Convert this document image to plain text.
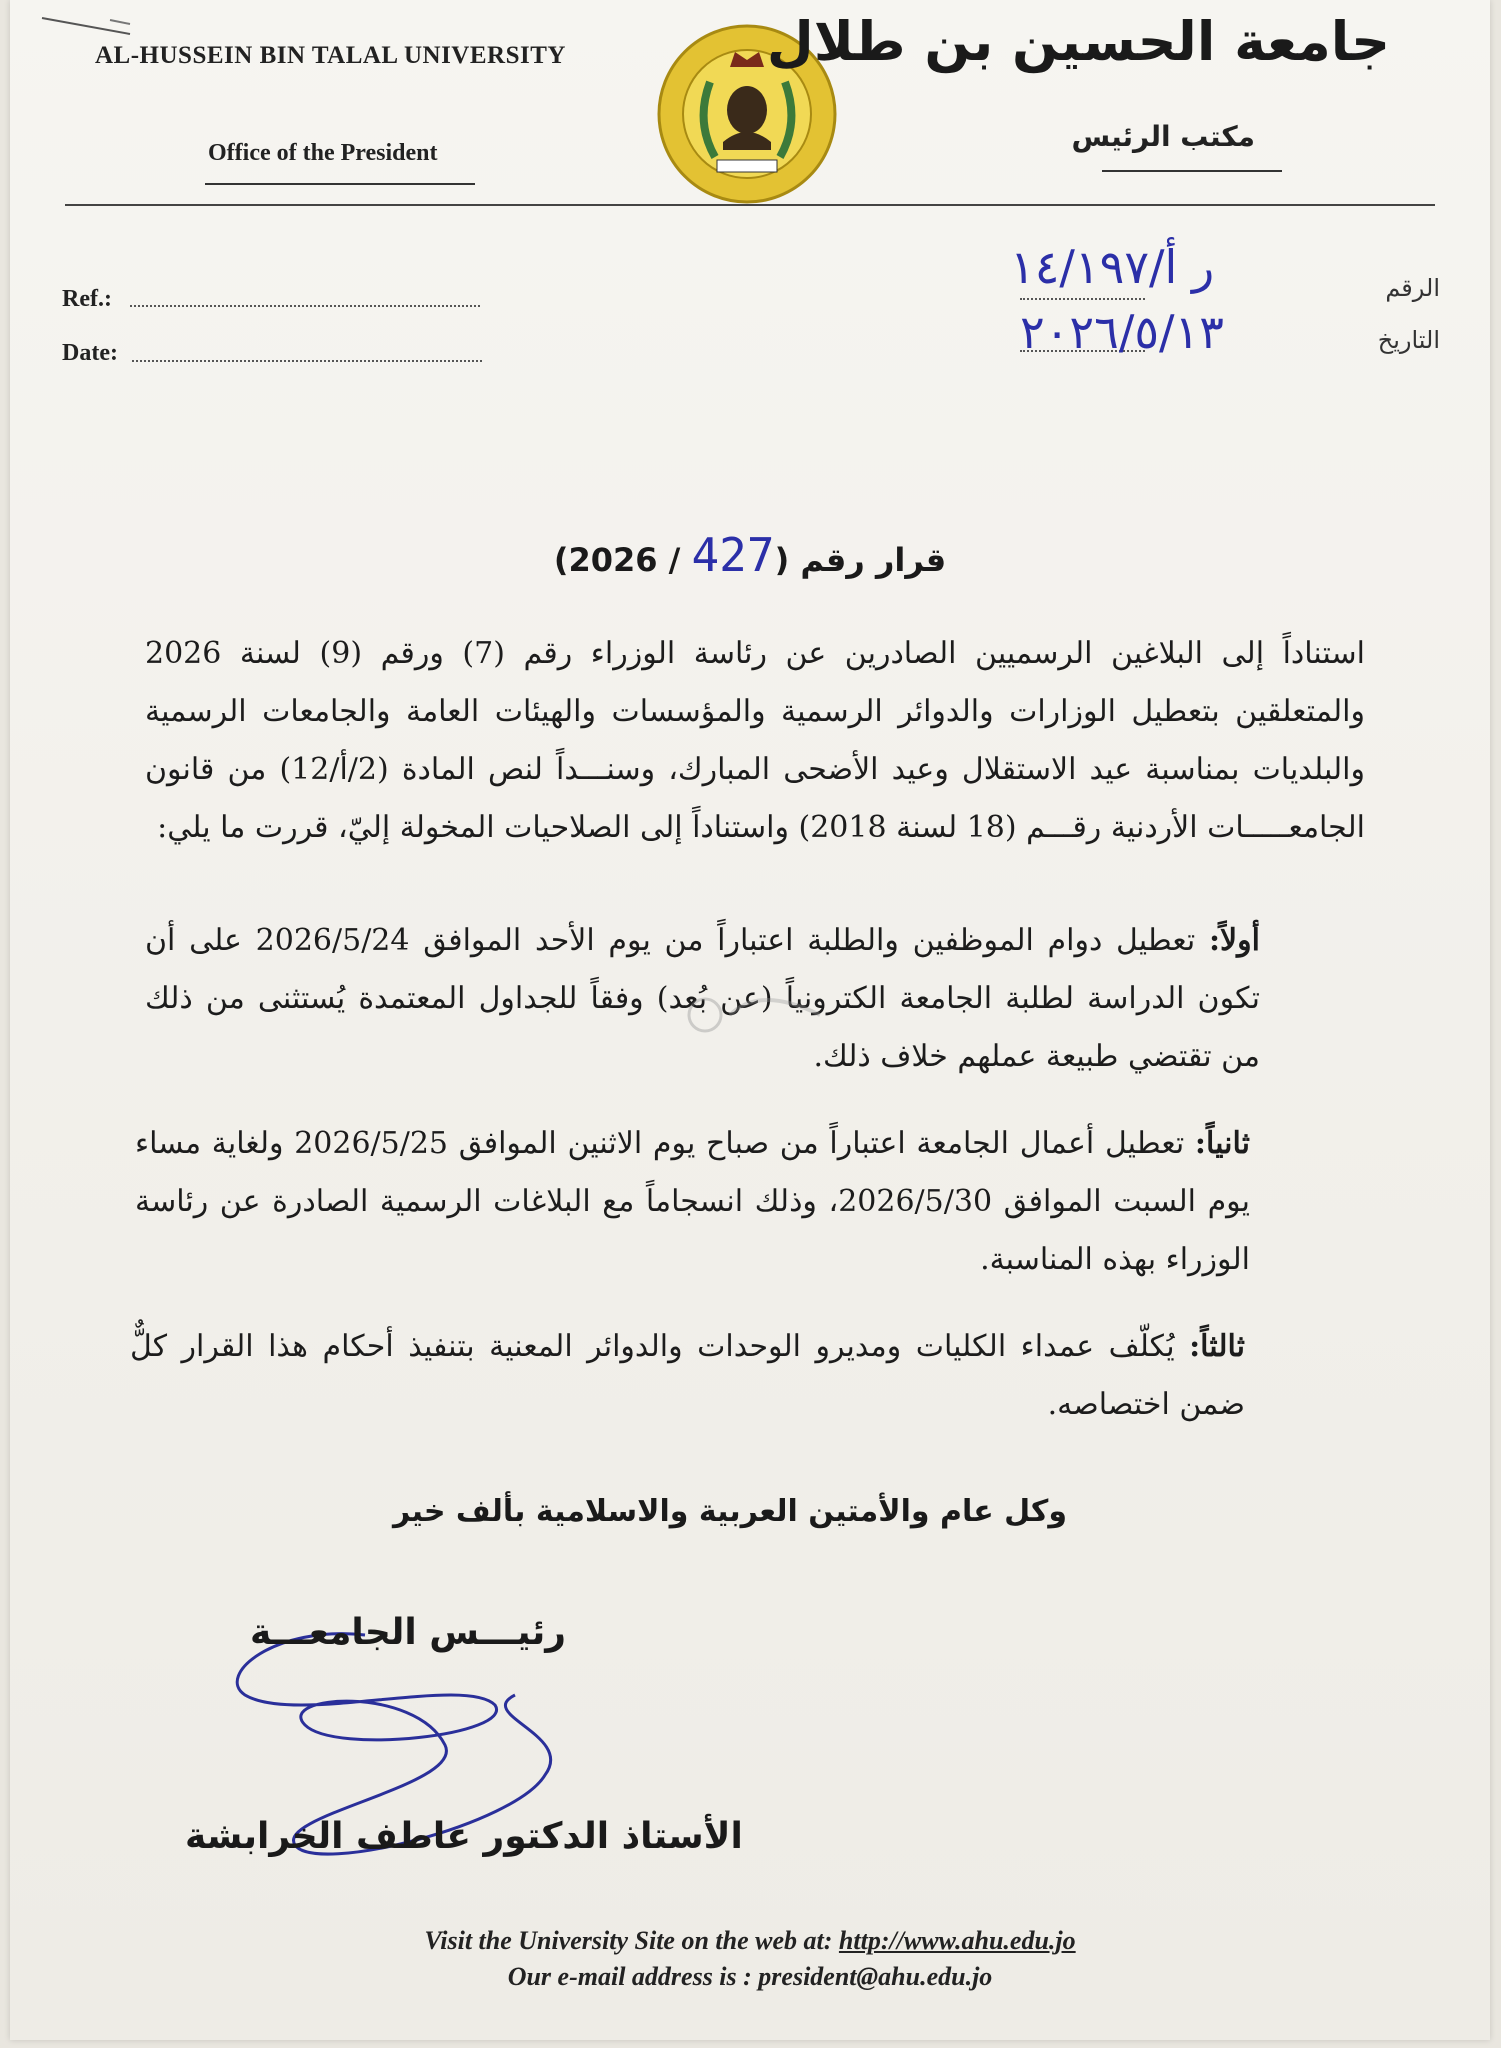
AL-HUSSEIN BIN TALAL UNIVERSITY
Office of the President
جامعة الحسين بن طلال
مكتب الرئيس
Ref.:
Date:
الرقم
التاريخ
ر أ/١٤/١٩٧
٢٠٢٦/٥/١٣
قرار رقم (427 / 2026)
استناداً إلى البلاغين الرسميين الصادرين عن رئاسة الوزراء رقم (7) ورقم (9) لسنة 2026 والمتعلقين بتعطيل الوزارات والدوائر الرسمية والمؤسسات والهيئات العامة والجامعات الرسمية والبلديات بمناسبة عيد الاستقلال وعيد الأضحى المبارك، وسنـــداً لنص المادة (2/أ/12) من قانون الجامعـــــات الأردنية رقـــم (18 لسنة 2018) واستناداً إلى الصلاحيات المخولة إليّ، قررت ما يلي:
أولاً: تعطيل دوام الموظفين والطلبة اعتباراً من يوم الأحد الموافق 2026/5/24 على أن تكون الدراسة لطلبة الجامعة الكترونياً (عن بُعد) وفقاً للجداول المعتمدة يُستثنى من ذلك من تقتضي طبيعة عملهم خلاف ذلك.
ثانياً: تعطيل أعمال الجامعة اعتباراً من صباح يوم الاثنين الموافق 2026/5/25 ولغاية مساء يوم السبت الموافق 2026/5/30، وذلك انسجاماً مع البلاغات الرسمية الصادرة عن رئاسة الوزراء بهذه المناسبة.
ثالثاً: يُكلّف عمداء الكليات ومديرو الوحدات والدوائر المعنية بتنفيذ أحكام هذا القرار كلٌّ ضمن اختصاصه.
وكل عام والأمتين العربية والاسلامية بألف خير
رئيـــس الجامعـــة
الأستاذ الدكتور عاطف الخرابشة
Visit the University Site on the web at: http://www.ahu.edu.jo
Our e-mail address is : president@ahu.edu.jo
